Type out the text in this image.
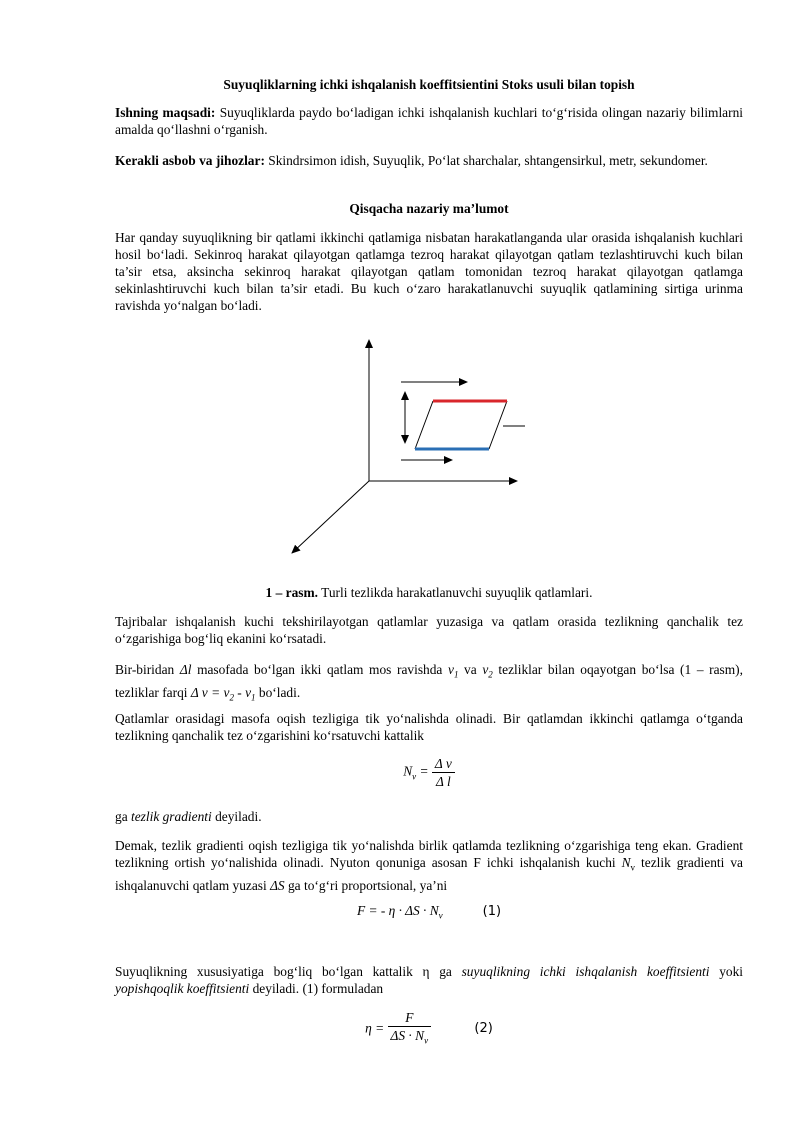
Suyuqliklarning ichki ishqalanish koeffitsientini Stoks usuli bilan topish

Ishning maqsadi: Suyuqliklarda paydo bo‘ladigan ichki ishqalanish kuchlari to‘g‘risida olingan nazariy bilimlarni amalda qo‘llashni o‘rganish.

Kerakli asbob va jihozlar: Skindrsimon idish, Suyuqlik, Po‘lat sharchalar, shtangensirkul, metr, sekundomer.

Qisqacha nazariy ma’lumot

Har qanday suyuqlikning bir qatlami ikkinchi qatlamiga nisbatan harakatlanganda ular orasida ishqalanish kuchlari hosil bo‘ladi. Sekinroq harakat qilayotgan qatlamga tezroq harakat qilayotgan qatlam tezlashtiruvchi kuch bilan ta’sir etsa, aksincha sekinroq harakat qilayotgan qatlam tomonidan tezroq harakat qilayotgan qatlamga sekinlashtiruvchi kuch bilan ta’sir etadi. Bu kuch o‘zaro harakatlanuvchi suyuqlik qatlamining sirtiga urinma ravishda yo‘nalgan bo‘ladi.

1 – rasm. Turli tezlikda harakatlanuvchi suyuqlik qatlamlari.

Tajribalar ishqalanish kuchi tekshirilayotgan qatlamlar yuzasiga va qatlam orasida tezlikning qanchalik tez o‘zgarishiga bog‘liq ekanini ko‘rsatadi.

Bir-biridan Δl masofada bo‘lgan ikki qatlam mos ravishda $v_1$ va $v_2$ tezliklar bilan oqayotgan bo‘lsa (1 – rasm), tezliklar farqi Δ $v = v_2 - v_1$ bo‘ladi.

Qatlamlar orasidagi masofa oqish tezligiga tik yo‘nalishda olinadi. Bir qatlamdan ikkinchi qatlamga o‘tganda tezlikning qanchalik tez o‘zgarishini ko‘rsatuvchi kattalik

$N_v = \frac{\text{Δ v}}{\text{Δ l}}$

ga tezlik gradienti deyiladi.

Demak, tezlik gradienti oqish tezligiga tik yo‘nalishda birlik qatlamda tezlikning o‘zgarishiga teng ekan. Gradient tezlikning ortish yo‘nalishida olinadi. Nyuton qonuniga asosan F ichki ishqalanish kuchi $N_v$ tezlik gradienti va ishqalanuvchi qatlam yuzasi ΔS ga to‘g‘ri proportsional, ya’ni

F = - $\eta \cdot \Delta S \cdot N_v$	(1)

Suyuqlikning xususiyatiga bog‘liq bo‘lgan kattalik η ga suyuqlikning ichki ishqalanish koeffitsienti yoki yopishqoqlik koeffitsienti deyiladi. (1) formuladan

$\eta = \frac{F}{\Delta S \cdot N_v}$	(2)
